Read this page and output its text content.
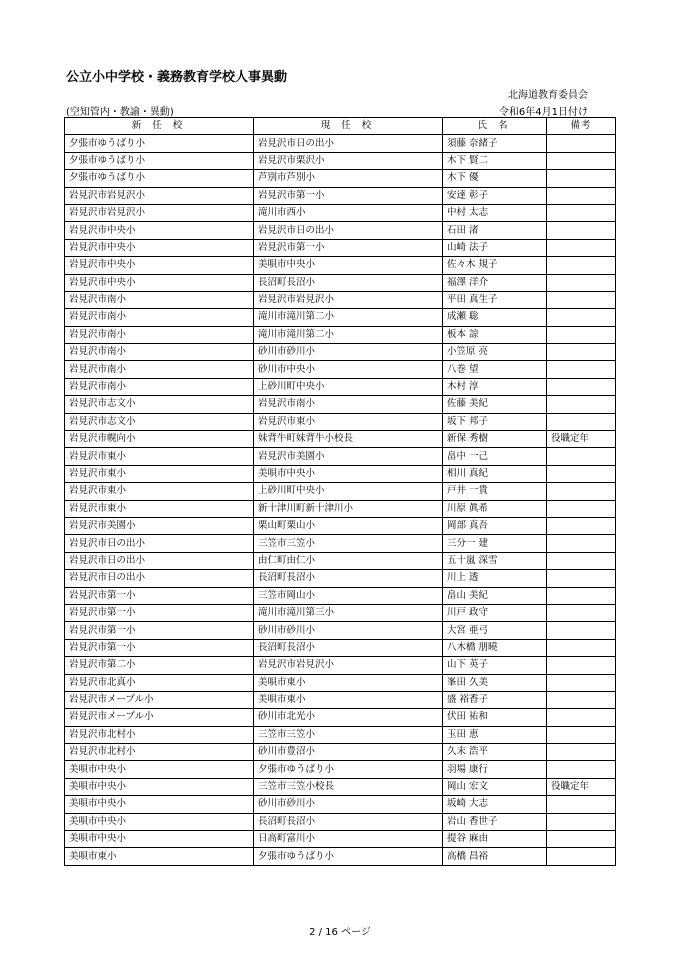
公立小中学校・義務教育学校人事異動
北海道教育委員会
(空知管内・教諭・異動)	令和6年4月1日付け
新 任 校	現 任 校	氏 名	備考
夕張市ゆうばり小	岩見沢市日の出小	須藤 奈緒子	
夕張市ゆうばり小	岩見沢市栗沢小	木下 賢二	
夕張市ゆうばり小	芦別市芦別小	木下 優	
岩見沢市岩見沢小	岩見沢市第一小	安達 彰子	
岩見沢市岩見沢小	滝川市西小	中村 太志	
岩見沢市中央小	岩見沢市日の出小	石田 渚	
岩見沢市中央小	岩見沢市第一小	山崎 法子	
岩見沢市中央小	美唄市中央小	佐々木 規子	
岩見沢市中央小	長沼町長沼小	福澤 洋介	
岩見沢市南小	岩見沢市岩見沢小	平田 真生子	
岩見沢市南小	滝川市滝川第二小	成瀬 聡	
岩見沢市南小	滝川市滝川第二小	板本 諒	
岩見沢市南小	砂川市砂川小	小笠原 亮	
岩見沢市南小	砂川市中央小	八巻 望	
岩見沢市南小	上砂川町中央小	木村 淳	
岩見沢市志文小	岩見沢市南小	佐藤 美紀	
岩見沢市志文小	岩見沢市東小	坂下 邦子	
岩見沢市幌向小	妹背牛町妹背牛小校長	新保 秀樹	役職定年
岩見沢市東小	岩見沢市美園小	畠中 一己	
岩見沢市東小	美唄市中央小	相川 真紀	
岩見沢市東小	上砂川町中央小	戸井 一貴	
岩見沢市東小	新十津川町新十津川小	川原 眞希	
岩見沢市美園小	栗山町栗山小	岡部 真吾	
岩見沢市日の出小	三笠市三笠小	三分一 建	
岩見沢市日の出小	由仁町由仁小	五十嵐 深雪	
岩見沢市日の出小	長沼町長沼小	川上 透	
岩見沢市第一小	三笠市岡山小	畠山 美紀	
岩見沢市第一小	滝川市滝川第三小	川戸 政守	
岩見沢市第一小	砂川市砂川小	大宮 亜弓	
岩見沢市第一小	長沼町長沼小	八木橋 朋曉	
岩見沢市第二小	岩見沢市岩見沢小	山下 英子	
岩見沢市北真小	美唄市東小	峯田 久美	
岩見沢市メープル小	美唄市東小	盛 裕香子	
岩見沢市メープル小	砂川市北光小	伏田 祐和	
岩見沢市北村小	三笠市三笠小	玉田 恵	
岩見沢市北村小	砂川市豊沼小	久末 浩平	
美唄市中央小	夕張市ゆうばり小	羽場 康行	
美唄市中央小	三笠市三笠小校長	岡山 宏文	役職定年
美唄市中央小	砂川市砂川小	坂崎 大志	
美唄市中央小	長沼町長沼小	岩山 香世子	
美唄市中央小	日高町富川小	提谷 麻由	
美唄市東小	夕張市ゆうばり小	高橋 昌裕	
2 / 16 ページ
